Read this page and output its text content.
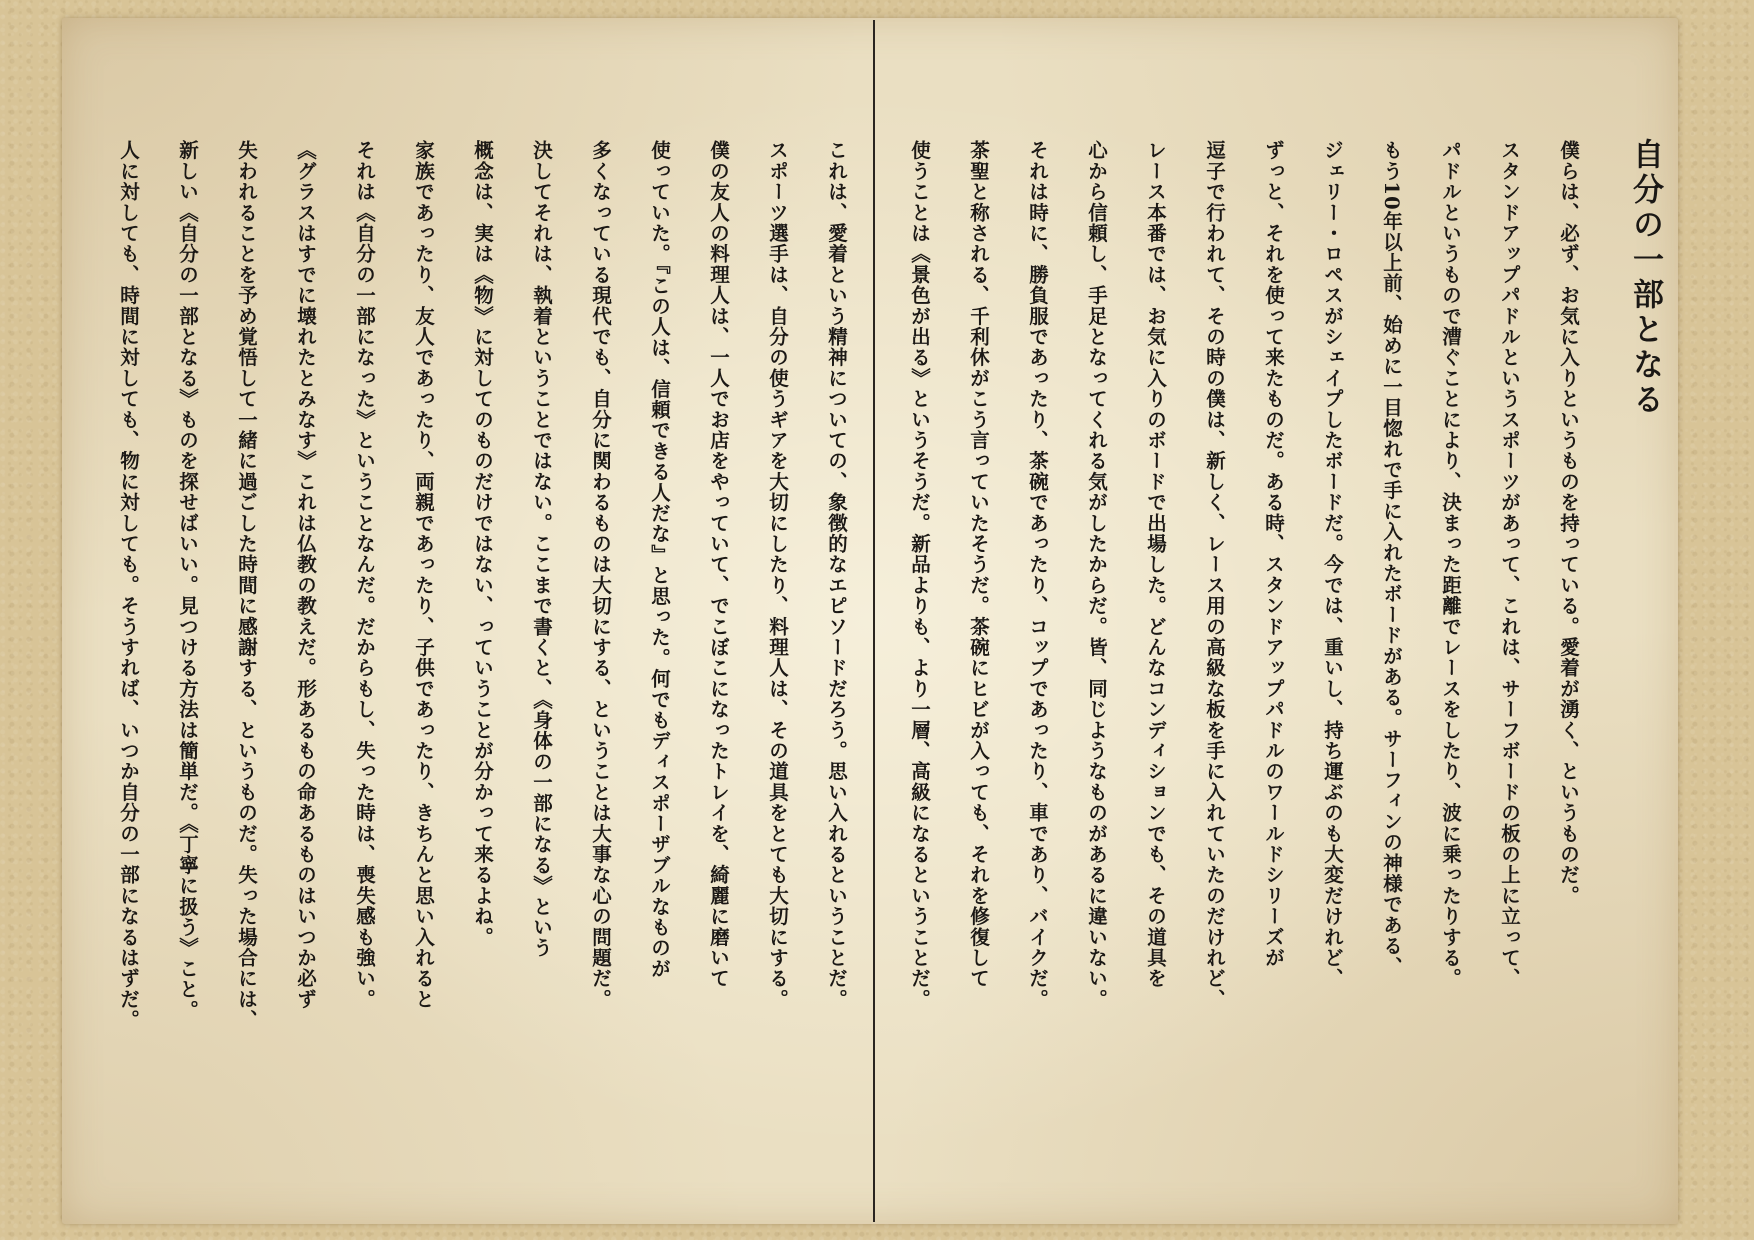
自分の一部となる
僕らは、必ず、お気に入りというものを持っている。愛着が湧く、というものだ。
スタンドアップパドルというスポーツがあって、これは、サーフボードの板の上に立って、
パドルというもので漕ぐことにより、決まった距離でレースをしたり、波に乗ったりする。
もう10年以上前、始めに一目惚れで手に入れたボードがある。サーフィンの神様である、
ジェリー・ロペスがシェイプしたボードだ。今では、重いし、持ち運ぶのも大変だけれど、
ずっと、それを使って来たものだ。ある時、スタンドアップパドルのワールドシリーズが
逗子で行われて、その時の僕は、新しく、レース用の高級な板を手に入れていたのだけれど、
レース本番では、お気に入りのボードで出場した。どんなコンディションでも、その道具を
心から信頼し、手足となってくれる気がしたからだ。皆、同じようなものがあるに違いない。
それは時に、勝負服であったり、茶碗であったり、コップであったり、車であり、バイクだ。
茶聖と称される、千利休がこう言っていたそうだ。茶碗にヒビが入っても、それを修復して
使うことは《景色が出る》というそうだ。新品よりも、より一層、高級になるということだ。
これは、愛着という精神についての、象徴的なエピソードだろう。思い入れるということだ。
スポーツ選手は、自分の使うギアを大切にしたり、料理人は、その道具をとても大切にする。
僕の友人の料理人は、一人でお店をやっていて、でこぼこになったトレイを、綺麗に磨いて
使っていた。『この人は、信頼できる人だな』と思った。何でもディスポーザブルなものが
多くなっている現代でも、自分に関わるものは大切にする、ということは大事な心の問題だ。
決してそれは、執着ということではない。ここまで書くと、《身体の一部になる》という
概念は、実は《物》に対してのものだけではない、っていうことが分かって来るよね。
家族であったり、友人であったり、両親であったり、子供であったり、きちんと思い入れると
それは《自分の一部になった》ということなんだ。だからもし、失った時は、喪失感も強い。
《グラスはすでに壊れたとみなす》これは仏教の教えだ。形あるもの命あるものはいつか必ず
失われることを予め覚悟して一緒に過ごした時間に感謝する、というものだ。失った場合には、
新しい《自分の一部となる》ものを探せばいい。見つける方法は簡単だ。《丁寧に扱う》こと。
人に対しても、時間に対しても、物に対しても。そうすれば、いつか自分の一部になるはずだ。
